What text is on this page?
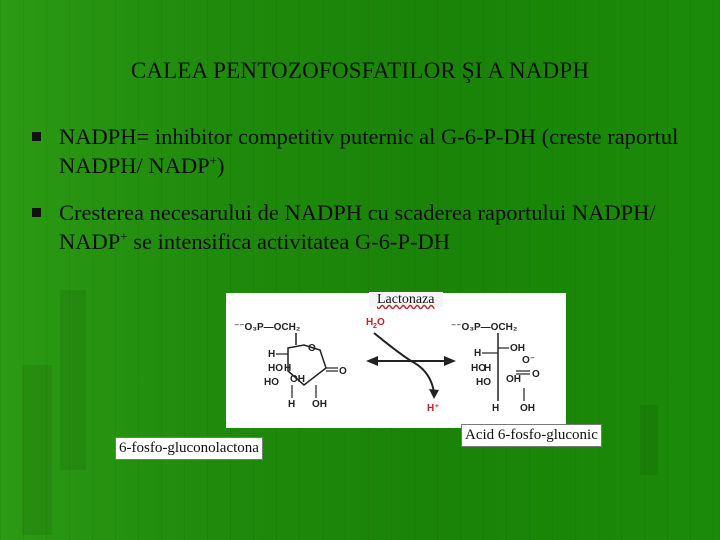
CALEA PENTOZOFOSFATILOR ŞI A NADPH
NADPH= inhibitor competitiv puternic al G-6-P-DH (creste raportul NADPH/ NADP+)
Cresterea necesarului de NADPH cu scaderea raportului NADPH/ NADP+ se intensifica activitatea G-6-P-DH
⁻⁻O₃P—OCH₂
O
H
HO H
OH
HO
H OH
O
H 2 O
H⁺
⁻⁻O₃P—OCH₂
H	OH
HO
H
OH
HO
O⁻
O
H OH
Lactonaza
6-fosfo-gluconolactona
Acid 6-fosfo-gluconic
